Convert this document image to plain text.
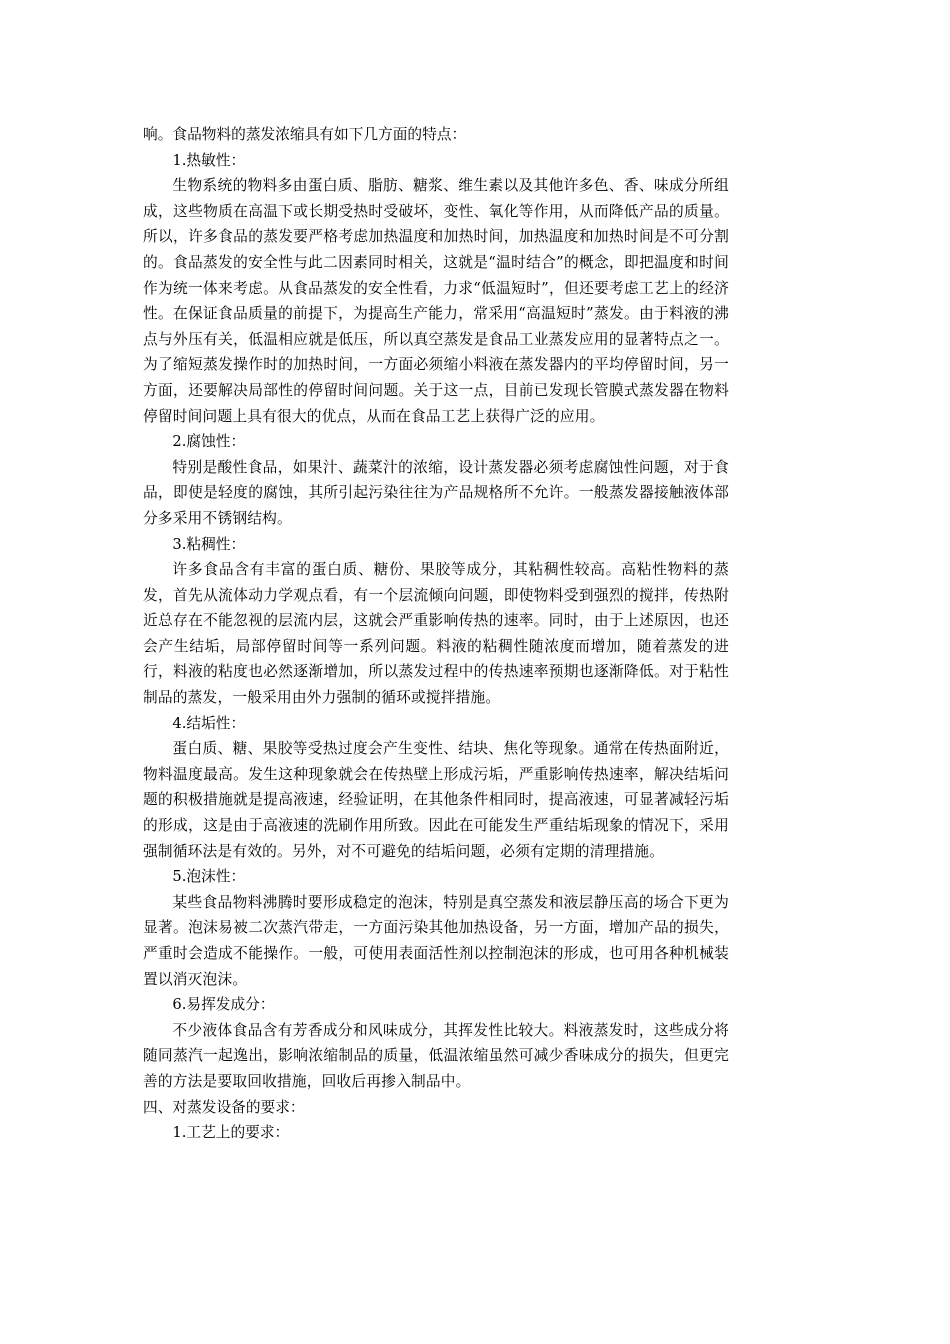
响。食品物料的蒸发浓缩具有如下几方面的特点：

1.热敏性：

生物系统的物料多由蛋白质、脂肪、糖浆、维生素以及其他许多色、香、味成分所组成，这些物质在高温下或长期受热时受破坏，变性、氧化等作用，从而降低产品的质量。所以，许多食品的蒸发要严格考虑加热温度和加热时间，加热温度和加热时间是不可分割的。食品蒸发的安全性与此二因素同时相关，这就是“温时结合”的概念，即把温度和时间作为统一体来考虑。从食品蒸发的安全性看，力求“低温短时”，但还要考虑工艺上的经济性。在保证食品质量的前提下，为提高生产能力，常采用“高温短时”蒸发。由于料液的沸点与外压有关，低温相应就是低压，所以真空蒸发是食品工业蒸发应用的显著特点之一。为了缩短蒸发操作时的加热时间，一方面必须缩小料液在蒸发器内的平均停留时间，另一方面，还要解决局部性的停留时间问题。关于这一点，目前已发现长管膜式蒸发器在物料停留时间问题上具有很大的优点，从而在食品工艺上获得广泛的应用。

2.腐蚀性：

特别是酸性食品，如果汁、蔬菜汁的浓缩，设计蒸发器必须考虑腐蚀性问题，对于食品，即使是轻度的腐蚀，其所引起污染往往为产品规格所不允许。一般蒸发器接触液体部分多采用不锈钢结构。

3.粘稠性：

许多食品含有丰富的蛋白质、糖份、果胶等成分，其粘稠性较高。高粘性物料的蒸发，首先从流体动力学观点看，有一个层流倾向问题，即使物料受到强烈的搅拌，传热附近总存在不能忽视的层流内层，这就会严重影响传热的速率。同时，由于上述原因，也还会产生结垢，局部停留时间等一系列问题。料液的粘稠性随浓度而增加，随着蒸发的进行，料液的粘度也必然逐渐增加，所以蒸发过程中的传热速率预期也逐渐降低。对于粘性制品的蒸发，一般采用由外力强制的循环或搅拌措施。

4.结垢性：

蛋白质、糖、果胶等受热过度会产生变性、结块、焦化等现象。通常在传热面附近，物料温度最高。发生这种现象就会在传热壁上形成污垢，严重影响传热速率，解决结垢问题的积极措施就是提高液速，经验证明，在其他条件相同时，提高液速，可显著减轻污垢的形成，这是由于高液速的洗刷作用所致。因此在可能发生严重结垢现象的情况下，采用强制循环法是有效的。另外，对不可避免的结垢问题，必须有定期的清理措施。

5.泡沫性：

某些食品物料沸腾时要形成稳定的泡沫，特别是真空蒸发和液层静压高的场合下更为显著。泡沫易被二次蒸汽带走，一方面污染其他加热设备，另一方面，增加产品的损失，严重时会造成不能操作。一般，可使用表面活性剂以控制泡沫的形成，也可用各种机械装置以消灭泡沫。

6.易挥发成分：

不少液体食品含有芳香成分和风味成分，其挥发性比较大。料液蒸发时，这些成分将随同蒸汽一起逸出，影响浓缩制品的质量，低温浓缩虽然可减少香味成分的损失，但更完善的方法是要取回收措施，回收后再掺入制品中。

四、对蒸发设备的要求：

1.工艺上的要求：
